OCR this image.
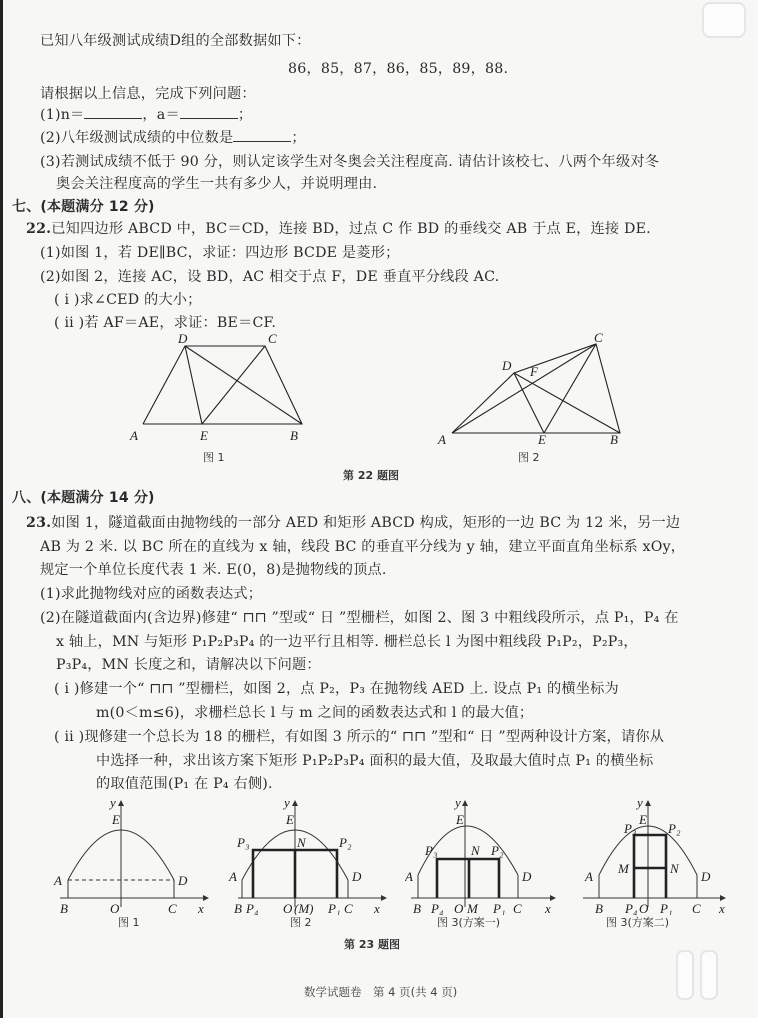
已知八年级测试成绩D组的全部数据如下：
86，85，87，86，85，89，88.
请根据以上信息，完成下列问题：
(1)n＝	，a＝	；
(2)八年级测试成绩的中位数是	；
(3)若测试成绩不低于 90 分，则认定该学生对冬奥会关注程度高. 请估计该校七、八两个年级对冬
奥会关注程度高的学生一共有多少人，并说明理由.
七、(本题满分 12 分)
22.已知四边形 ABCD 中，BC＝CD，连接 BD，过点 C 作 BD 的垂线交 AB 于点 E，连接 DE.
(1)如图 1，若 DE∥BC，求证：四边形 BCDE 是菱形；
(2)如图 2，连接 AC，设 BD，AC 相交于点 F，DE 垂直平分线段 AC.
( i )求∠CED 的大小；
( ii )若 AF＝AE，求证：BE＝CF.
D	C
A	E	B
图 1
D F
C
A	E	B
图 2
第 22 题图
八、(本题满分 14 分)
23.如图 1，隧道截面由抛物线的一部分 AED 和矩形 ABCD 构成，矩形的一边 BC 为 12 米，另一边
AB 为 2 米. 以 BC 所在的直线为 x 轴，线段 BC 的垂直平分线为 y 轴，建立平面直角坐标系 xOy，
规定一个单位长度代表 1 米. E(0，8)是抛物线的顶点.
(1)求此抛物线对应的函数表达式；
(2)在隧道截面内(含边界)修建“ ⊓⊓ ”型或“ 日 ”型栅栏，如图 2、图 3 中粗线段所示，点 P₁，P₄ 在
x 轴上，MN 与矩形 P₁P₂P₃P₄ 的一边平行且相等. 栅栏总长 l 为图中粗线段 P₁P₂，P₂P₃，
P₃P₄，MN 长度之和，请解决以下问题：
( i )修建一个“ ⊓⊓ ”型栅栏，如图 2，点 P₂，P₃ 在抛物线 AED 上. 设点 P₁ 的横坐标为
m(0＜m≤6)，求栅栏总长 l 与 m 之间的函数表达式和 l 的最大值；
( ii )现修建一个总长为 18 的栅栏，有如图 3 所示的“ ⊓⊓ ”型和“ 日 ”型两种设计方案，请你从
中选择一种，求出该方案下矩形 P₁P₂P₃P₄ 面积的最大值，及取最大值时点 P₁ 的横坐标
的取值范围(P₁ 在 P₄ 右侧).
y
E
A	D
B	O	C x
图 1
y
E
P₃	N	P₂
A	D
B P₄ O (M) P₁ C x
图 2
y
E
P₃	N P₂
A	D
B P₄ O M P₁ C x
图 3(方案一)
y
E
P₃ P₂
M	N
A	D
B P₄ O P₁ C x
图 3(方案二)
第 23 题图
数学试题卷　第 4 页(共 4 页)
